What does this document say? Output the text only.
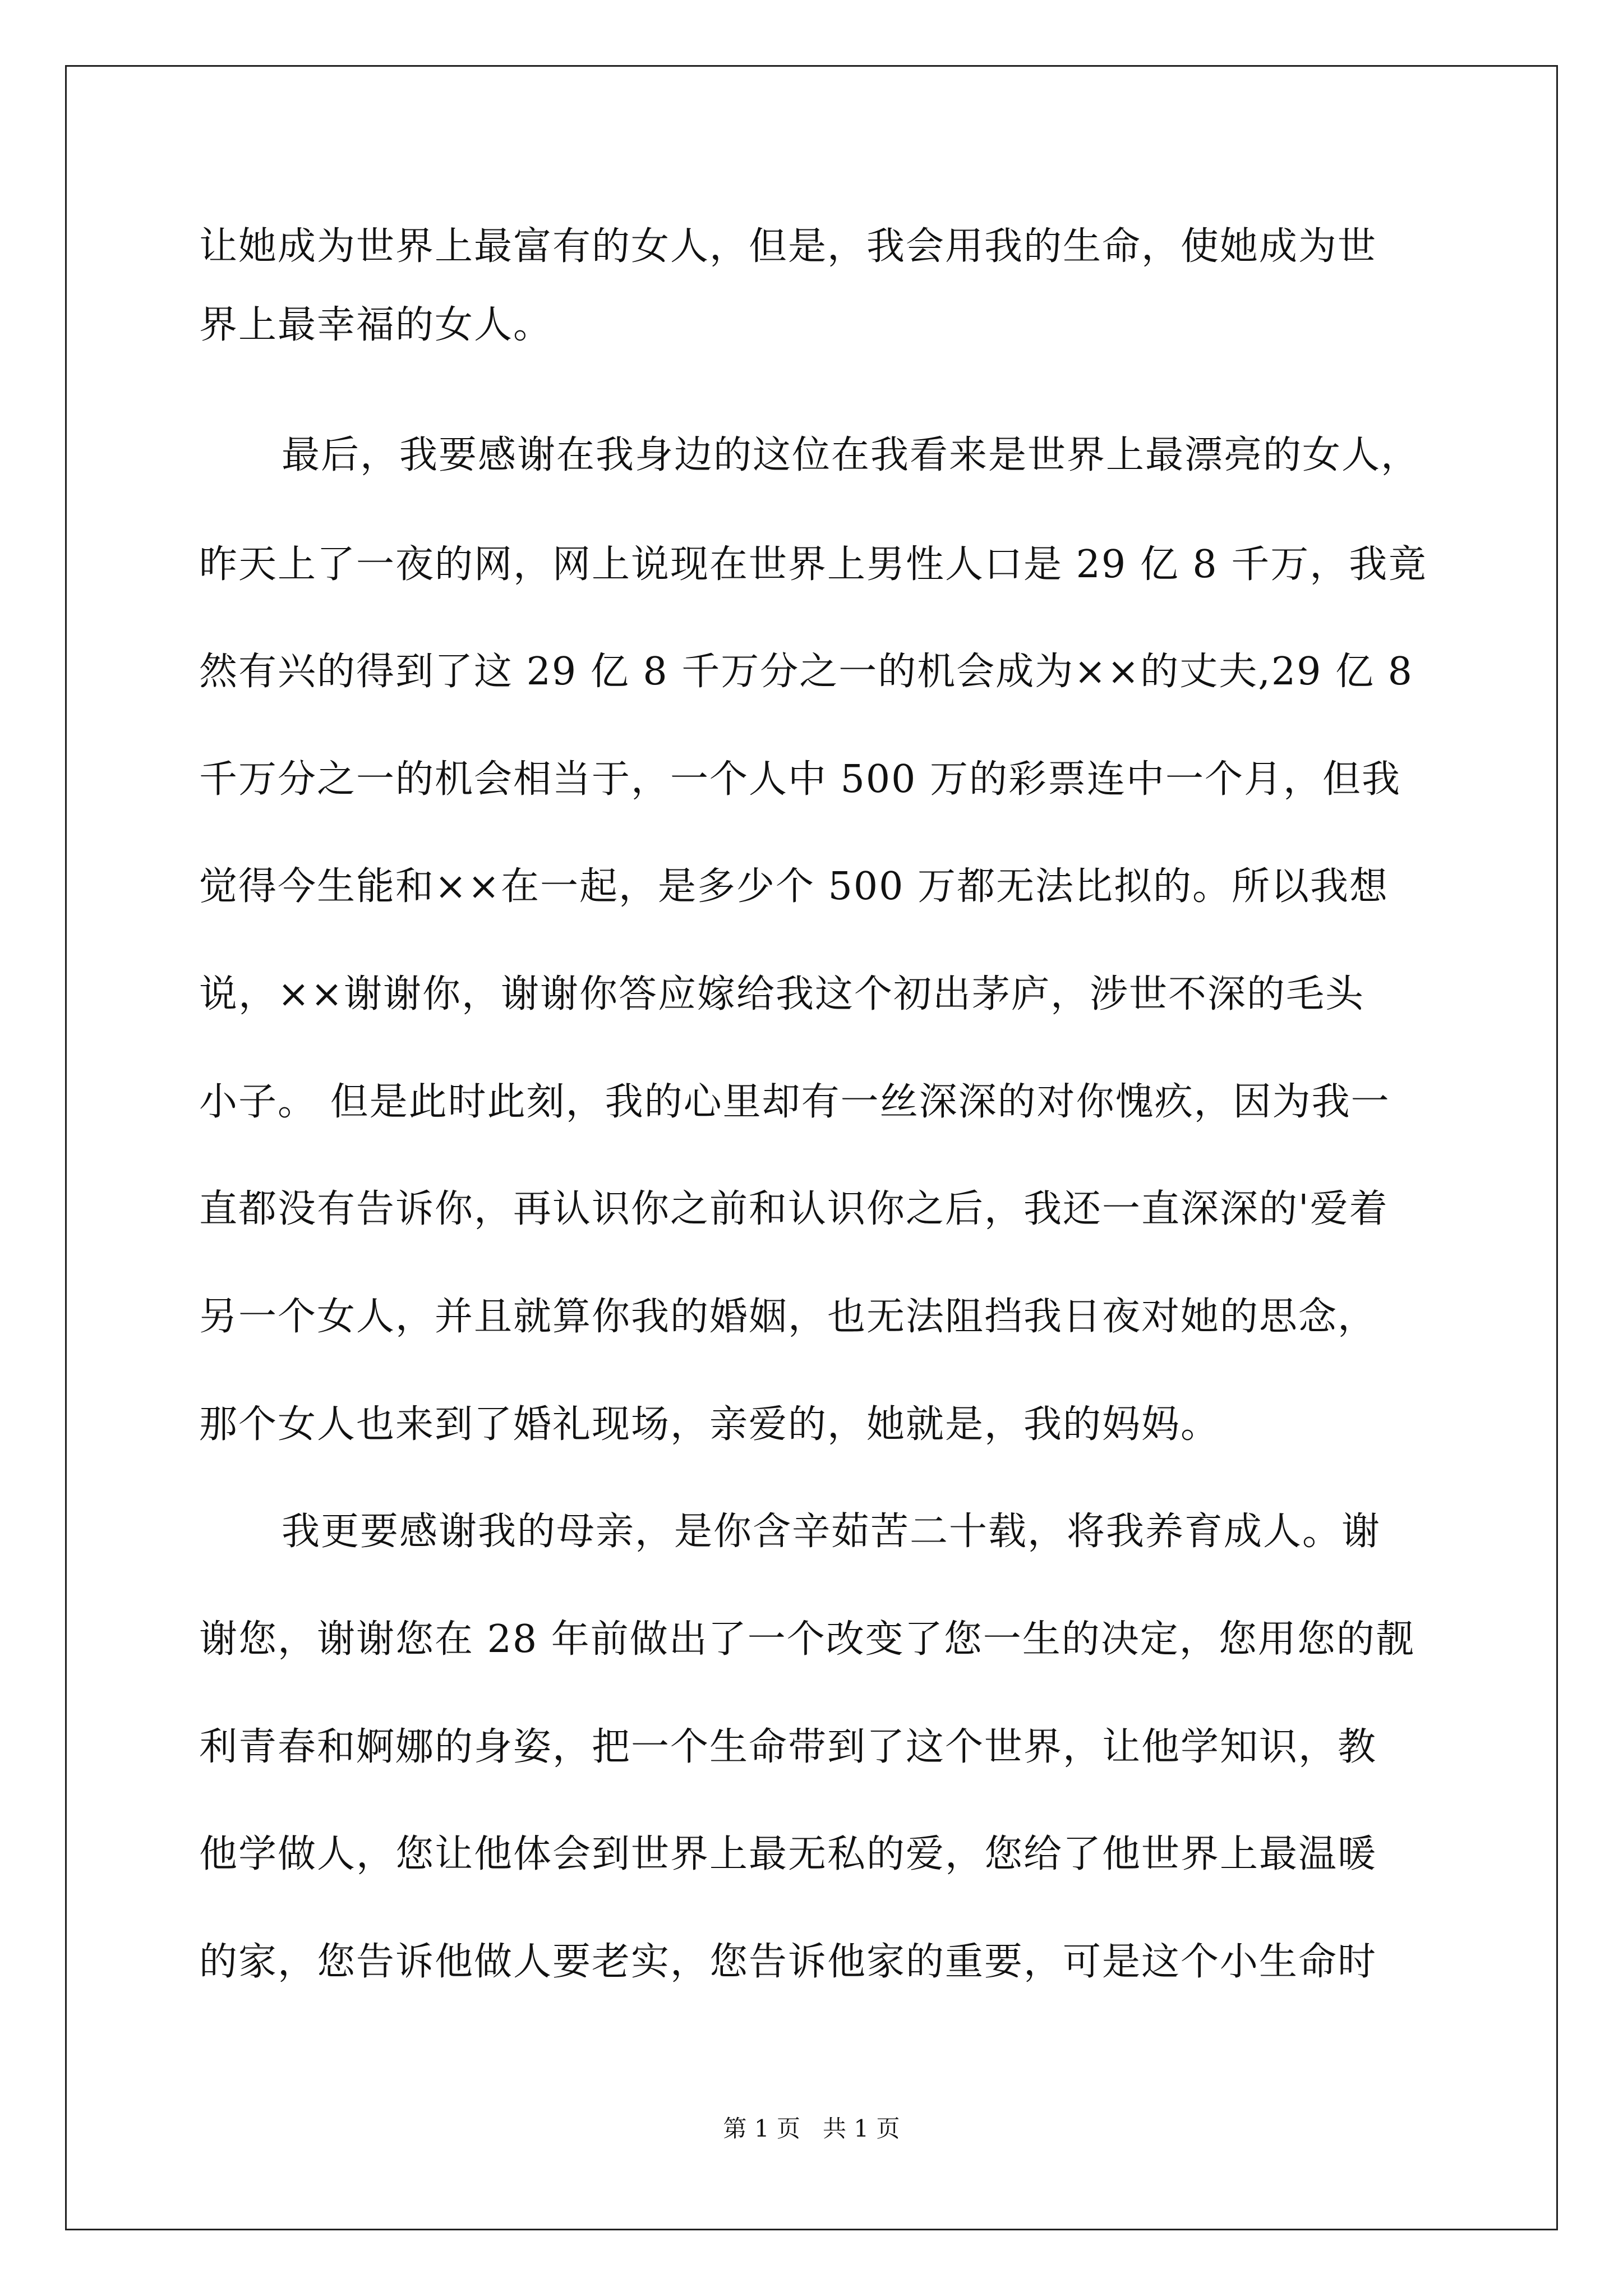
让她成为世界上最富有的女人，但是，我会用我的生命，使她成为世
界上最幸福的女人。
最后，我要感谢在我身边的这位在我看来是世界上最漂亮的女人，
昨天上了一夜的网，网上说现在世界上男性人口是 29 亿 8 千万，我竟
然有兴的得到了这 29 亿 8 千万分之一的机会成为××的丈夫,29 亿 8
千万分之一的机会相当于，一个人中 500 万的彩票连中一个月，但我
觉得今生能和××在一起，是多少个 500 万都无法比拟的。所以我想
说，××谢谢你，谢谢你答应嫁给我这个初出茅庐，涉世不深的毛头
小子。 但是此时此刻，我的心里却有一丝深深的对你愧疚，因为我一
直都没有告诉你，再认识你之前和认识你之后，我还一直深深的'爱着
另一个女人，并且就算你我的婚姻，也无法阻挡我日夜对她的思念，
那个女人也来到了婚礼现场，亲爱的，她就是，我的妈妈。
我更要感谢我的母亲，是你含辛茹苦二十载，将我养育成人。谢
谢您，谢谢您在 28 年前做出了一个改变了您一生的决定，您用您的靓
利青春和婀娜的身姿，把一个生命带到了这个世界，让他学知识，教
他学做人，您让他体会到世界上最无私的爱，您给了他世界上最温暖
的家，您告诉他做人要老实，您告诉他家的重要，可是这个小生命时
第 1 页   共 1 页
